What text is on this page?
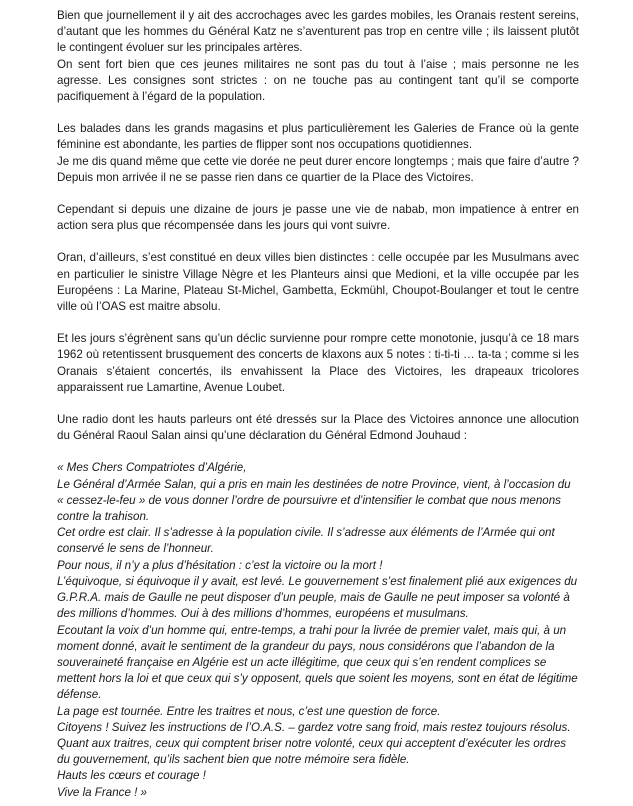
Bien que journellement il y ait des accrochages avec les gardes mobiles, les Oranais restent sereins, d’autant que les hommes du Général Katz ne s’aventurent pas trop en centre ville ; ils laissent plutôt le contingent évoluer sur les principales artères.

On sent fort bien que ces jeunes militaires ne sont pas du tout à l’aise ; mais personne ne les agresse. Les consignes sont strictes : on ne touche pas au contingent tant qu’il se comporte pacifiquement à l’égard de la population.

Les balades dans les grands magasins et plus particulièrement les Galeries de France où la gente féminine est abondante, les parties de flipper sont nos occupations quotidiennes.

Je me dis quand même que cette vie dorée ne peut durer encore longtemps ; mais que faire d’autre ? Depuis mon arrivée il ne se passe rien dans ce quartier de la Place des Victoires.

Cependant si depuis une dizaine de jours je passe une vie de nabab, mon impatience à entrer en action sera plus que récompensée dans les jours qui vont suivre.

Oran, d’ailleurs, s’est constitué en deux villes bien distinctes : celle occupée par les Musulmans avec en particulier le sinistre Village Nègre et les Planteurs ainsi que Medioni, et la ville occupée par les Européens : La Marine, Plateau St-Michel, Gambetta, Eckmühl, Choupot-Boulanger et tout le centre ville où l’OAS est maitre absolu.

Et les jours s’égrènent sans qu’un déclic survienne pour rompre cette monotonie, jusqu’à ce 18 mars 1962 où retentissent brusquement des concerts de klaxons aux 5 notes : ti-ti-ti … ta-ta ; comme si les Oranais s’étaient concertés, ils envahissent la Place des Victoires, les drapeaux tricolores apparaissent rue Lamartine, Avenue Loubet.

Une radio dont les hauts parleurs ont été dressés sur la Place des Victoires annonce une allocution du Général Raoul Salan ainsi qu’une déclaration du Général Edmond Jouhaud :

« Mes Chers Compatriotes d’Algérie,

Le Général d’Armée Salan, qui a pris en main les destinées de notre Province, vient, à l’occasion du « cessez-le-feu » de vous donner l’ordre de poursuivre et d’intensifier le combat que nous menons contre la trahison.

Cet ordre est clair. Il s’adresse à la population civile. Il s’adresse aux éléments de l’Armée qui ont conservé le sens de l’honneur.

Pour nous, il n’y a plus d’hésitation : c’est la victoire ou la mort !

L’équivoque, si équivoque il y avait, est levé. Le gouvernement s’est finalement plié aux exigences du G.P.R.A. mais de Gaulle ne peut disposer d’un peuple, mais de Gaulle ne peut imposer sa volonté à des millions d’hommes. Oui à des millions d’hommes, européens et musulmans.

Ecoutant la voix d’un homme qui, entre-temps, a trahi pour la livrée de premier valet, mais qui, à un moment donné, avait le sentiment de la grandeur du pays, nous considérons que l’abandon de la souveraineté française en Algérie est un acte illégitime, que ceux qui s’en rendent complices se mettent hors la loi et que ceux qui s’y opposent, quels que soient les moyens, sont en état de légitime défense.

La page est tournée. Entre les traitres et nous, c’est une question de force.

Citoyens ! Suivez les instructions de l’O.A.S. – gardez votre sang froid, mais restez toujours résolus.

Quant aux traitres, ceux qui comptent briser notre volonté, ceux qui acceptent d’exécuter les ordres du gouvernement, qu’ils sachent bien que notre mémoire sera fidèle.

Hauts les cœurs et courage !

Vive la France ! »
